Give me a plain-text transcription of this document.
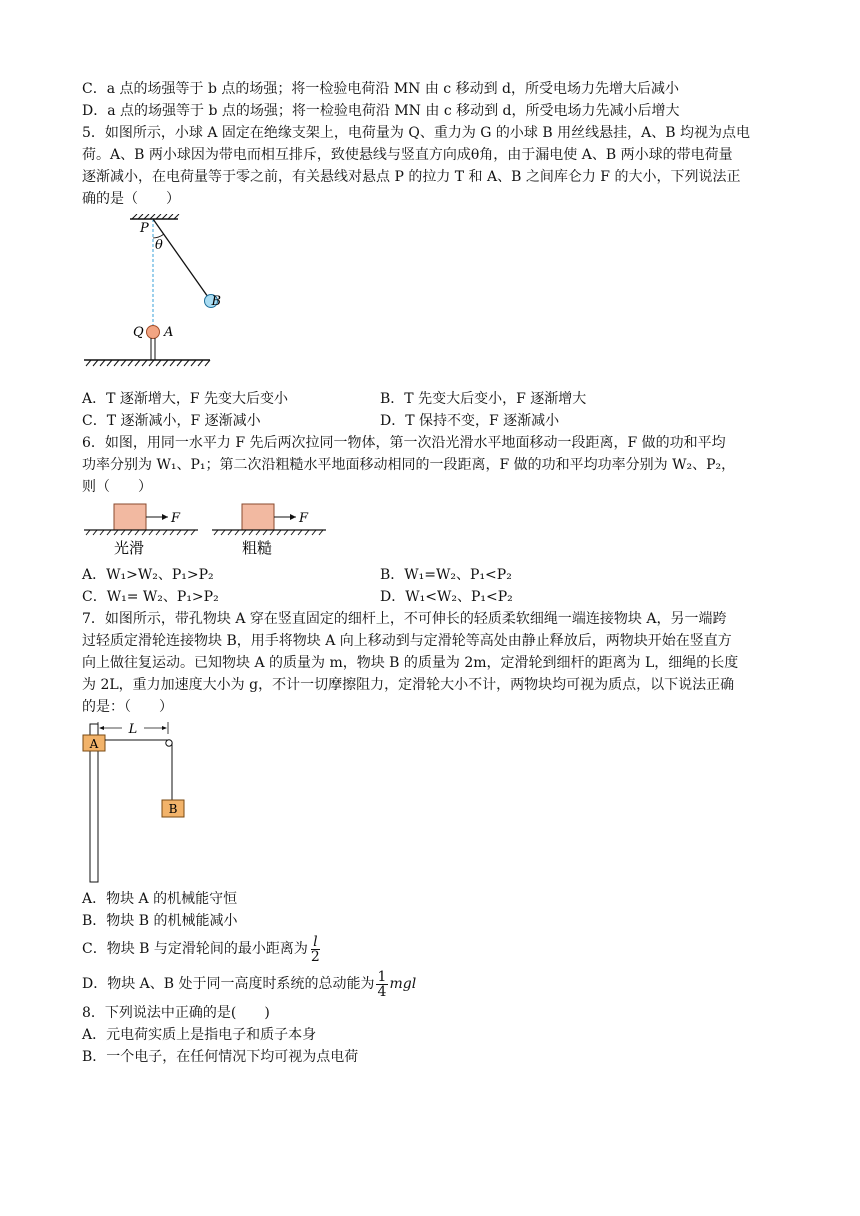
C．a 点的场强等于 b 点的场强；将一检验电荷沿 MN 由 c 移动到 d，所受电场力先增大后减小
D．a 点的场强等于 b 点的场强；将一检验电荷沿 MN 由 c 移动到 d，所受电场力先减小后增大
5．如图所示，小球 A 固定在绝缘支架上，电荷量为 Q、重力为 G 的小球 B 用丝线悬挂，A、B 均视为点电
荷。A、B 两小球因为带电而相互排斥，致使悬线与竖直方向成θ角，由于漏电使 A、B 两小球的带电荷量
逐渐减小，在电荷量等于零之前，有关悬线对悬点 P 的拉力 T 和 A、B 之间库仑力 F 的大小，下列说法正
确的是（　　）
P
θ
B
Q A
A．T 逐渐增大，F 先变大后变小	B．T 先变大后变小，F 逐渐增大
C．T 逐渐减小，F 逐渐减小	D．T 保持不变，F 逐渐减小
6．如图，用同一水平力 F 先后两次拉同一物体，第一次沿光滑水平地面移动一段距离，F 做的功和平均
功率分别为 W₁、P₁；第二次沿粗糙水平地面移动相同的一段距离，F 做的功和平均功率分别为 W₂、P₂，
则（　　）
F
光滑
F
粗糙
A．W₁>W₂、P₁>P₂	B．W₁=W₂、P₁<P₂
C．W₁= W₂、P₁>P₂	D．W₁<W₂、P₁<P₂
7．如图所示，带孔物块 A 穿在竖直固定的细杆上，不可伸长的轻质柔软细绳一端连接物块 A，另一端跨
过轻质定滑轮连接物块 B，用手将物块 A 向上移动到与定滑轮等高处由静止释放后，两物块开始在竖直方
向上做往复运动。已知物块 A 的质量为 m，物块 B 的质量为 2m，定滑轮到细杆的距离为 L，细绳的长度
为 2L，重力加速度大小为 g，不计一切摩擦阻力，定滑轮大小不计，两物块均可视为质点，以下说法正确
的是：（　　）
A
L
B
A．物块 A 的机械能守恒
B．物块 B 的机械能减小
C．物块 B 与定滑轮间的最小距离为 $\frac{l}{2}$
D．物块 A、B 处于同一高度时系统的总动能为 $\frac{1}{4}$ mgl
8．下列说法中正确的是(　　)
A．元电荷实质上是指电子和质子本身
B．一个电子，在任何情况下均可视为点电荷
